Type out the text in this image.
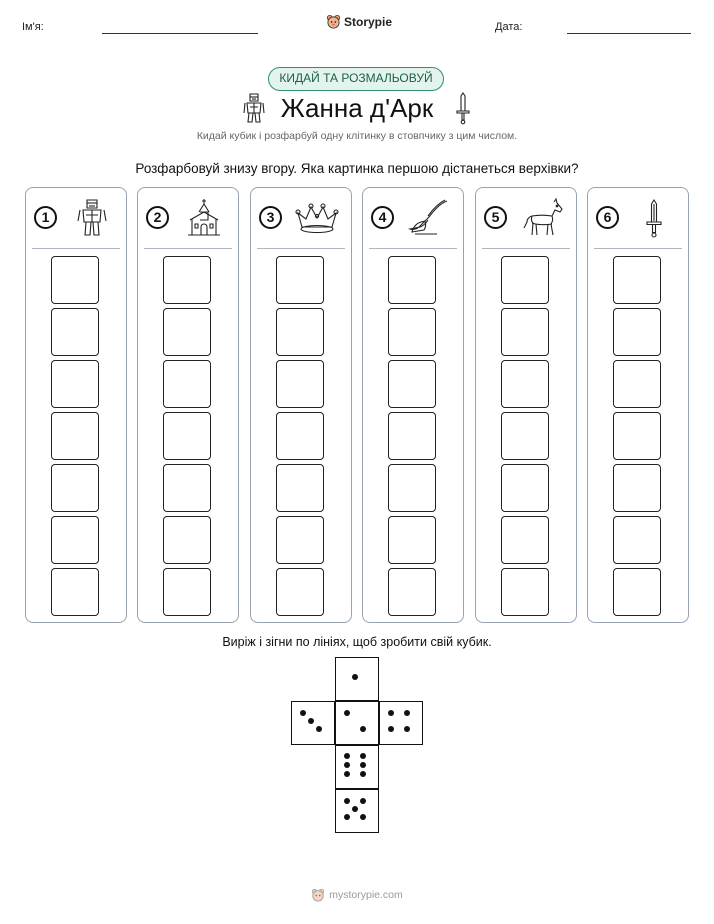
Ім'я:	Storypie	Дата:
КИДАЙ ТА РОЗМАЛЬОВУЙ
Жанна д'Арк
Кидай кубик і розфарбуй одну клітинку в стовпчику з цим числом.
Розфарбовуй знизу вгору. Яка картинка першою дістанеться верхівки?
1	2	3	4	5	6
Виріж і зігни по лініях, щоб зробити свій кубик.
mystorypie.com
